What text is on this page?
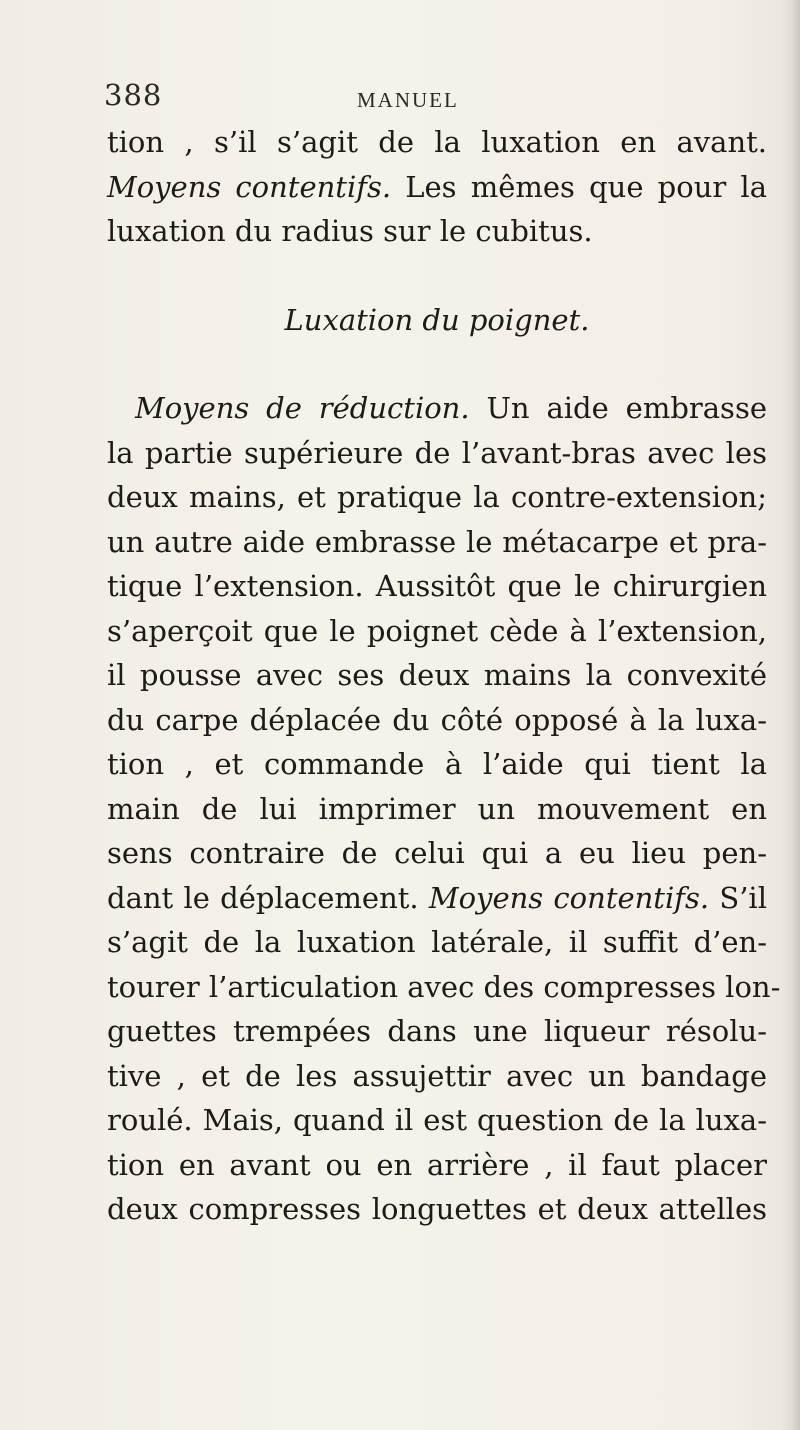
388	MANUEL
tion , s’il s’agit de la luxation en avant.
Moyens contentifs. Les mêmes que pour la
luxation du radius sur le cubitus.
Luxation du poignet.
Moyens de réduction. Un aide embrasse
la partie supérieure de l’avant-bras avec les
deux mains, et pratique la contre-extension;
un autre aide embrasse le métacarpe et pra-
tique l’extension. Aussitôt que le chirurgien
s’aperçoit que le poignet cède à l’extension,
il pousse avec ses deux mains la convexité
du carpe déplacée du côté opposé à la luxa-
tion , et commande à l’aide qui tient la
main de lui imprimer un mouvement en
sens contraire de celui qui a eu lieu pen-
dant le déplacement. Moyens contentifs. S’il
s’agit de la luxation latérale, il suffit d’en-
tourer l’articulation avec des compresses lon-
guettes trempées dans une liqueur résolu-
tive , et de les assujettir avec un bandage
roulé. Mais, quand il est question de la luxa-
tion en avant ou en arrière , il faut placer
deux compresses longuettes et deux attelles
